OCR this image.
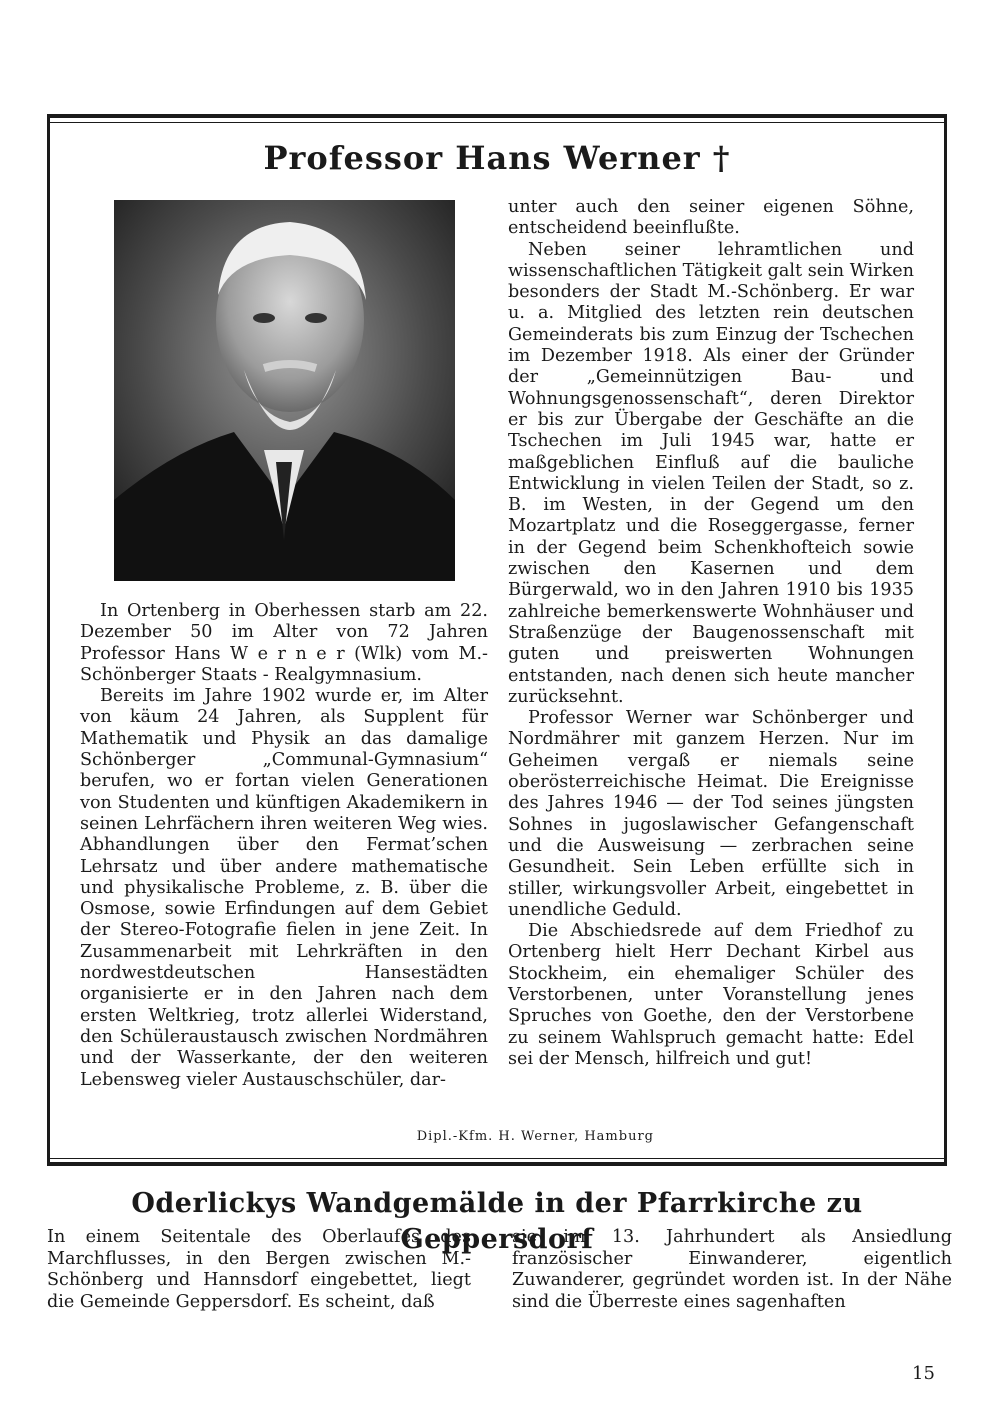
Professor Hans Werner †

In Ortenberg in Oberhessen starb am 22. Dezember 50 im Alter von 72 Jahren Professor Hans W e r n e r (Wlk) vom M.-Schönberger Staats - Realgymnasium.

Bereits im Jahre 1902 wurde er, im Alter von käum 24 Jahren, als Supplent für Mathematik und Physik an das damalige Schönberger „Communal-Gymnasium“ berufen, wo er fortan vielen Generationen von Studenten und künftigen Akademikern in seinen Lehrfächern ihren weiteren Weg wies. Abhandlungen über den Fermat’schen Lehrsatz und über andere mathematische und physikalische Probleme, z. B. über die Osmose, sowie Erfindungen auf dem Gebiet der Stereo-Fotografie fielen in jene Zeit. In Zusammenarbeit mit Lehrkräften in den nordwestdeutschen Hansestädten organisierte er in den Jahren nach dem ersten Weltkrieg, trotz allerlei Widerstand, den Schüleraustausch zwischen Nordmähren und der Wasserkante, der den weiteren Lebensweg vieler Austauschschüler, dar-

unter auch den seiner eigenen Söhne, entscheidend beeinflußte.

Neben seiner lehramtlichen und wissenschaftlichen Tätigkeit galt sein Wirken besonders der Stadt M.-Schönberg. Er war u. a. Mitglied des letzten rein deutschen Gemeinderats bis zum Einzug der Tschechen im Dezember 1918. Als einer der Gründer der „Gemeinnützigen Bau- und Wohnungsgenossenschaft“, deren Direktor er bis zur Übergabe der Geschäfte an die Tschechen im Juli 1945 war, hatte er maßgeblichen Einfluß auf die bauliche Entwicklung in vielen Teilen der Stadt, so z. B. im Westen, in der Gegend um den Mozartplatz und die Roseggergasse, ferner in der Gegend beim Schenkhofteich sowie zwischen den Kasernen und dem Bürgerwald, wo in den Jahren 1910 bis 1935 zahlreiche bemerkenswerte Wohnhäuser und Straßenzüge der Baugenossenschaft mit guten und preiswerten Wohnungen entstanden, nach denen sich heute mancher zurücksehnt.

Professor Werner war Schönberger und Nordmährer mit ganzem Herzen. Nur im Geheimen vergaß er niemals seine oberösterreichische Heimat. Die Ereignisse des Jahres 1946 — der Tod seines jüngsten Sohnes in jugoslawischer Gefangenschaft und die Ausweisung — zerbrachen seine Gesundheit. Sein Leben erfüllte sich in stiller, wirkungsvoller Arbeit, eingebettet in unendliche Geduld.

Die Abschiedsrede auf dem Friedhof zu Ortenberg hielt Herr Dechant Kirbel aus Stockheim, ein ehemaliger Schüler des Verstorbenen, unter Voranstellung jenes Spruches von Goethe, den der Verstorbene zu seinem Wahlspruch gemacht hatte: Edel sei der Mensch, hilfreich und gut!

Dipl.-Kfm. H. Werner, Hamburg
Oderlickys Wandgemälde in der Pfarrkirche zu Geppersdorf

In einem Seitentale des Oberlaufes des Marchflusses, in den Bergen zwischen M.-Schönberg und Hannsdorf eingebettet, liegt die Gemeinde Geppersdorf. Es scheint, daß

sie im 13. Jahrhundert als Ansiedlung französischer Einwanderer, eigentlich Zuwanderer, gegründet worden ist. In der Nähe sind die Überreste eines sagenhaften

15
